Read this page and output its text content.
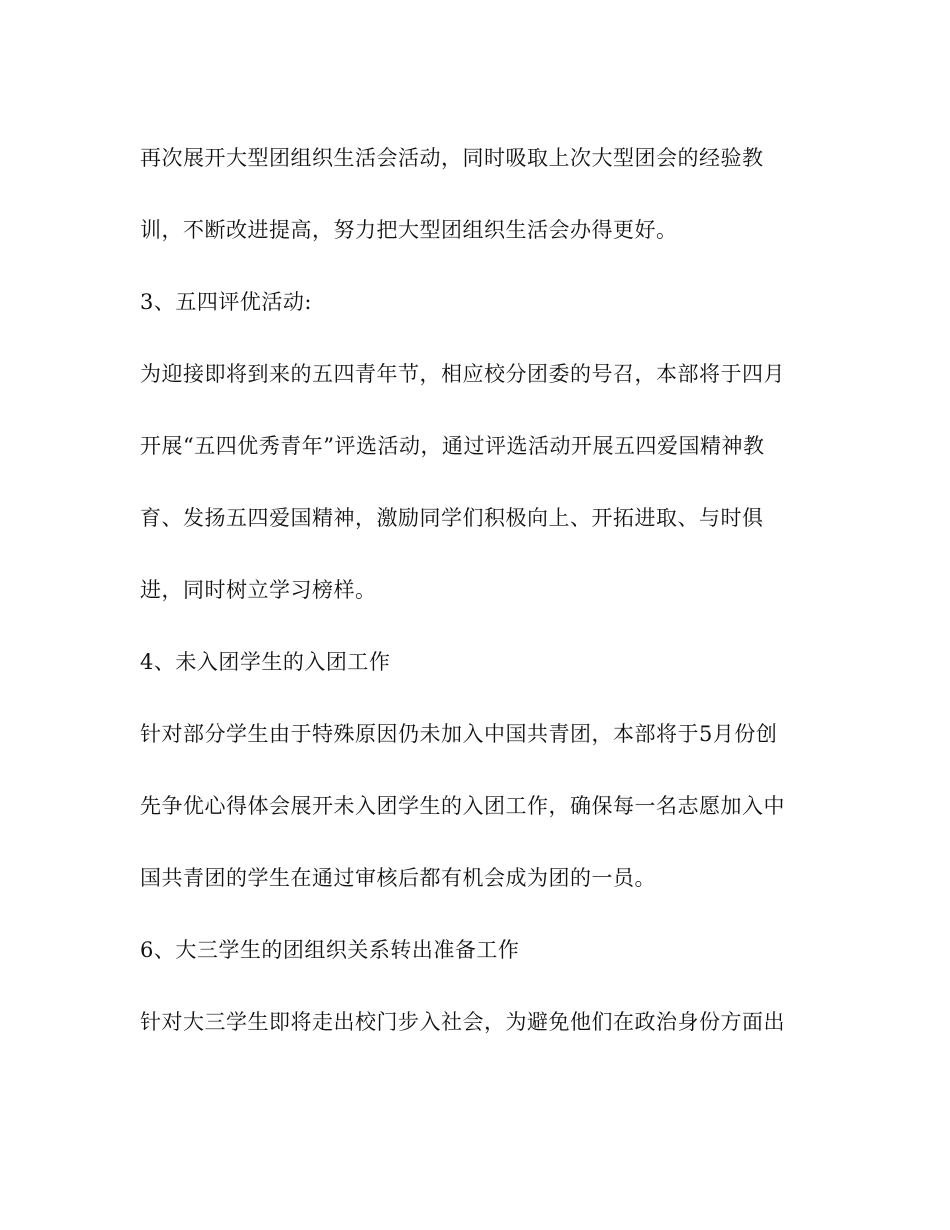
再次展开大型团组织生活会活动，同时吸取上次大型团会的经验教
训，不断改进提高，努力把大型团组织生活会办得更好。
3、五四评优活动:
为迎接即将到来的五四青年节，相应校分团委的号召，本部将于四月
开展“五四优秀青年”评选活动，通过评选活动开展五四爱国精神教
育、发扬五四爱国精神，激励同学们积极向上、开拓进取、与时俱
进，同时树立学习榜样。
4、未入团学生的入团工作
针对部分学生由于特殊原因仍未加入中国共青团，本部将于5月份创
先争优心得体会展开未入团学生的入团工作，确保每一名志愿加入中
国共青团的学生在通过审核后都有机会成为团的一员。
6、大三学生的团组织关系转出准备工作
针对大三学生即将走出校门步入社会，为避免他们在政治身份方面出
